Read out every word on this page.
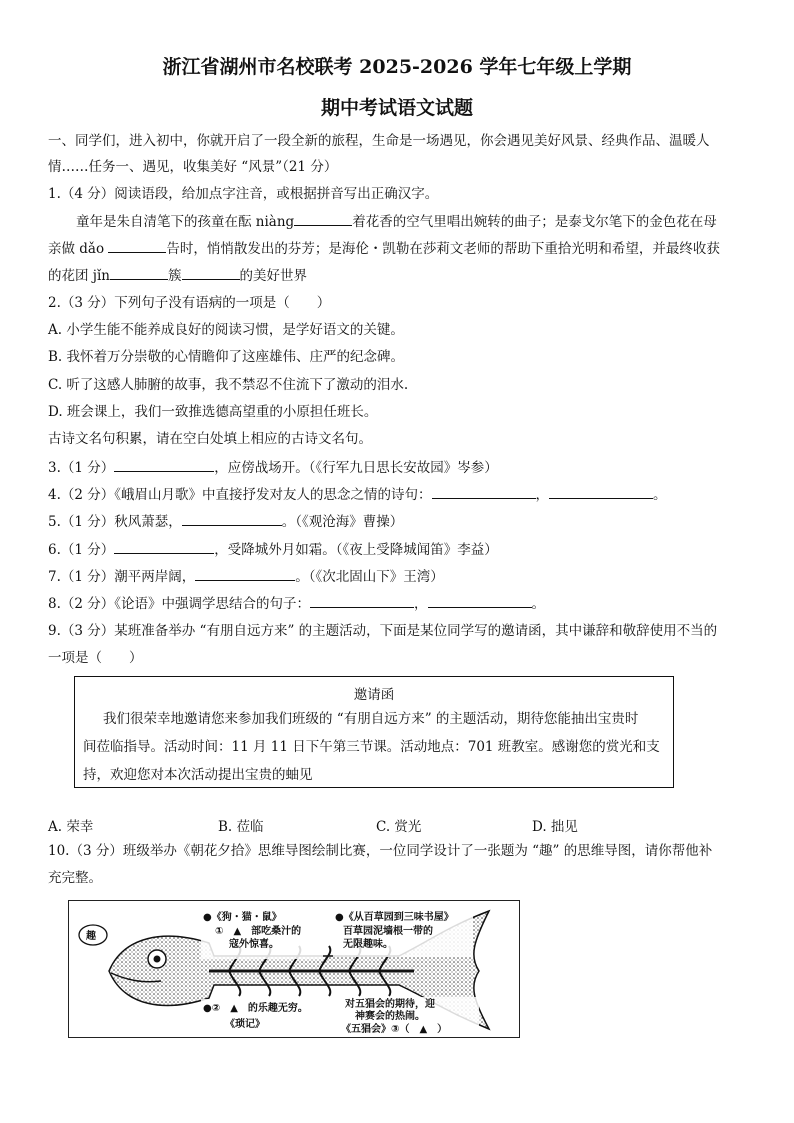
浙江省湖州市名校联考 2025-2026 学年七年级上学期
期中考试语文试题
一、同学们，进入初中，你就开启了一段全新的旅程，生命是一场遇见，你会遇见美好风景、经典作品、温暖人
情……任务一、遇见，收集美好 “风景”（21 分）
1.（4 分）阅读语段，给加点字注音，或根据拼音写出正确汉字。
童年是朱自清笔下的孩童在酝 niàng	着花香的空气里唱出婉转的曲子；是泰戈尔笔下的金色花在母
亲做 dǎo	告时，悄悄散发出的芬芳；是海伦・凯勒在莎莉文老师的帮助下重拾光明和希望，并最终收获
的花团 jǐn	簇	的美好世界
2.（3 分）下列句子没有语病的一项是（　　）
A. 小学生能不能养成良好的阅读习惯，是学好语文的关键。
B. 我怀着万分崇敬的心情瞻仰了这座雄伟、庄严的纪念碑。
C. 听了这感人肺腑的故事，我不禁忍不住流下了激动的泪水.
D. 班会课上，我们一致推选德高望重的小原担任班长。
古诗文名句积累，请在空白处填上相应的古诗文名句。
3.（1 分）	，应傍战场开。（《行军九日思长安故园》岑参）
4.（2 分）《峨眉山月歌》中直接抒发对友人的思念之情的诗句：	，	。
5.（1 分）秋风萧瑟，	。（《观沧海》曹操）
6.（1 分）	，受降城外月如霜。（《夜上受降城闻笛》李益）
7.（1 分）潮平两岸阔，	。（《次北固山下》王湾）
8.（2 分）《论语》中强调学思结合的句子：	，	。
9.（3 分）某班准备举办 “有朋自远方来” 的主题活动，下面是某位同学写的邀请函，其中谦辞和敬辞使用不当的
一项是（　　）
邀请函
我们很荣幸地邀请您来参加我们班级的 “有朋自远方来” 的主题活动，期待您能抽出宝贵时
间莅临指导。活动时间：11 月 11 日下午第三节课。活动地点：701 班教室。感谢您的赏光和支
持，欢迎您对本次活动提出宝贵的蚰见
A. 荣幸	B. 莅临	C. 赏光	D. 拙见
10.（3 分）班级举办《朝花夕拾》思维导图绘制比赛，一位同学设计了一张题为 “趣” 的思维导图，请你帮他补
充完整。
趣
●《狗・猫・鼠》
①　▲　部吃桑汁的
寇外惊喜。
●《从百草园到三味书屋》
百草园泥墙根一带的
无限趣味。
●②　▲　的乐趣无穷。
《琐记》
对五猖会的期待，迎
神赛会的热闹。
《五猖会》③（　▲　）
